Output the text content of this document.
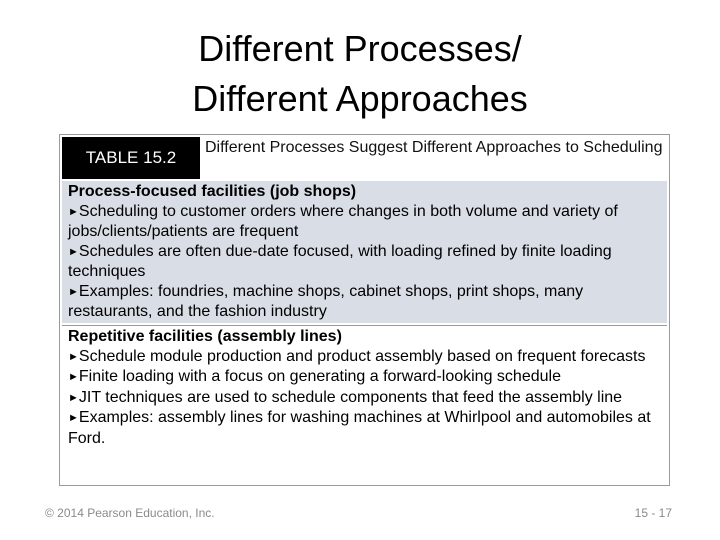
Different Processes/
Different Approaches
TABLE 15.2
Different Processes Suggest Different Approaches to Scheduling
Process-focused facilities (job shops)
►Scheduling to customer orders where changes in both volume and variety of jobs/clients/patients are frequent
►Schedules are often due-date focused, with loading refined by finite loading techniques
►Examples: foundries, machine shops, cabinet shops, print shops, many restaurants, and the fashion industry
Repetitive facilities (assembly lines)
►Schedule module production and product assembly based on frequent forecasts
►Finite loading with a focus on generating a forward-looking schedule
►JIT techniques are used to schedule components that feed the assembly line
►Examples: assembly lines for washing machines at Whirlpool and automobiles at Ford.
© 2014 Pearson Education, Inc.	15 - 17
